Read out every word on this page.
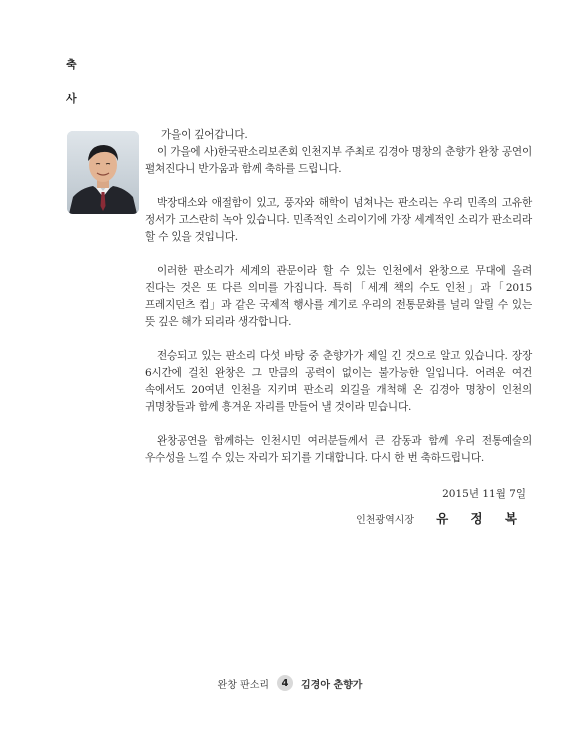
축
사

가을이 깊어갑니다.

이 가을에 사)한국판소리보존회 인천지부 주최로 김경아 명창의 춘향가 완창 공연이 펼쳐진다니 반가움과 함께 축하를 드립니다.

박장대소와 애절함이 있고, 풍자와 해학이 넘쳐나는 판소리는 우리 민족의 고유한 정서가 고스란히 녹아 있습니다. 민족적인 소리이기에 가장 세계적인 소리가 판소리라 할 수 있을 것입니다.

이러한 판소리가 세계의 관문이라 할 수 있는 인천에서 완창으로 무대에 올려 진다는 것은 또 다른 의미를 가집니다. 특히「세계 책의 수도 인천」과「2015 프레지던츠 컵」과 같은 국제적 행사를 계기로 우리의 전통문화를 널리 알릴 수 있는 뜻 깊은 해가 되리라 생각합니다.

전승되고 있는 판소리 다섯 바탕 중 춘향가가 제일 긴 것으로 알고 있습니다. 장장 6시간에 걸친 완창은 그 만큼의 공력이 없이는 불가능한 일입니다. 어려운 여건 속에서도 20여년 인천을 지키며 판소리 외길을 개척해 온 김경아 명창이 인천의 귀명창들과 함께 흥겨운 자리를 만들어 낼 것이라 믿습니다.

완창공연을 함께하는 인천시민 여러분들께서 큰 감동과 함께 우리 전통예술의 우수성을 느낄 수 있는 자리가 되기를 기대합니다. 다시 한 번 축하드립니다.

2015년 11월 7일
인천광역시장 유 정 복
완창 판소리	4	김경아 춘향가
